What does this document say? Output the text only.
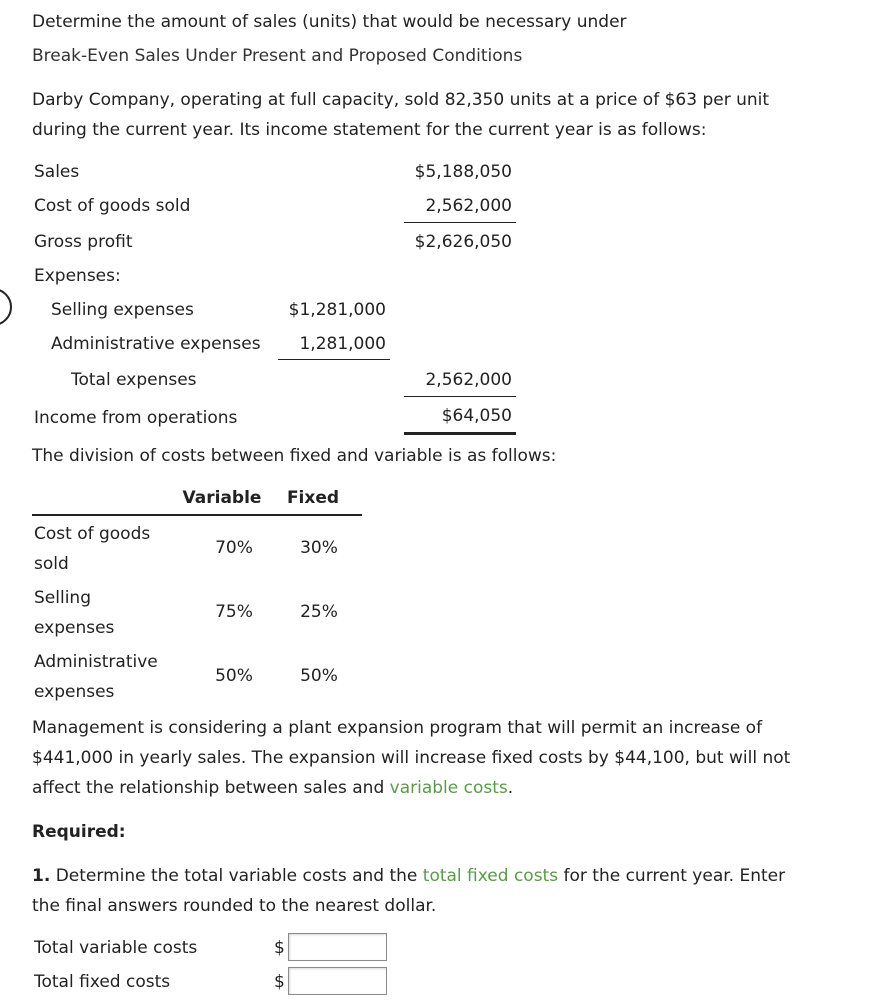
Determine the amount of sales (units) that would be necessary under
Break-Even Sales Under Present and Proposed Conditions
Darby Company, operating at full capacity, sold 82,350 units at a price of $63 per unit
during the current year. Its income statement for the current year is as follows:
Sales	$5,188,050
Cost of goods sold	2,562,000
Gross profit	$2,626,050
Expenses:
Selling expenses	$1,281,000
Administrative expenses	1,281,000
Total expenses	2,562,000
Income from operations	$64,050
The division of costs between fixed and variable is as follows:
Variable	Fixed
Cost of goods
sold
70%	30%
Selling
expenses
75%	25%
Administrative
expenses
50%	50%
Management is considering a plant expansion program that will permit an increase of
$441,000 in yearly sales. The expansion will increase fixed costs by $44,100, but will not
affect the relationship between sales and variable costs.
Required:
1. Determine the total variable costs and the total fixed costs for the current year. Enter
the final answers rounded to the nearest dollar.
Total variable costs	$
Total fixed costs	$
